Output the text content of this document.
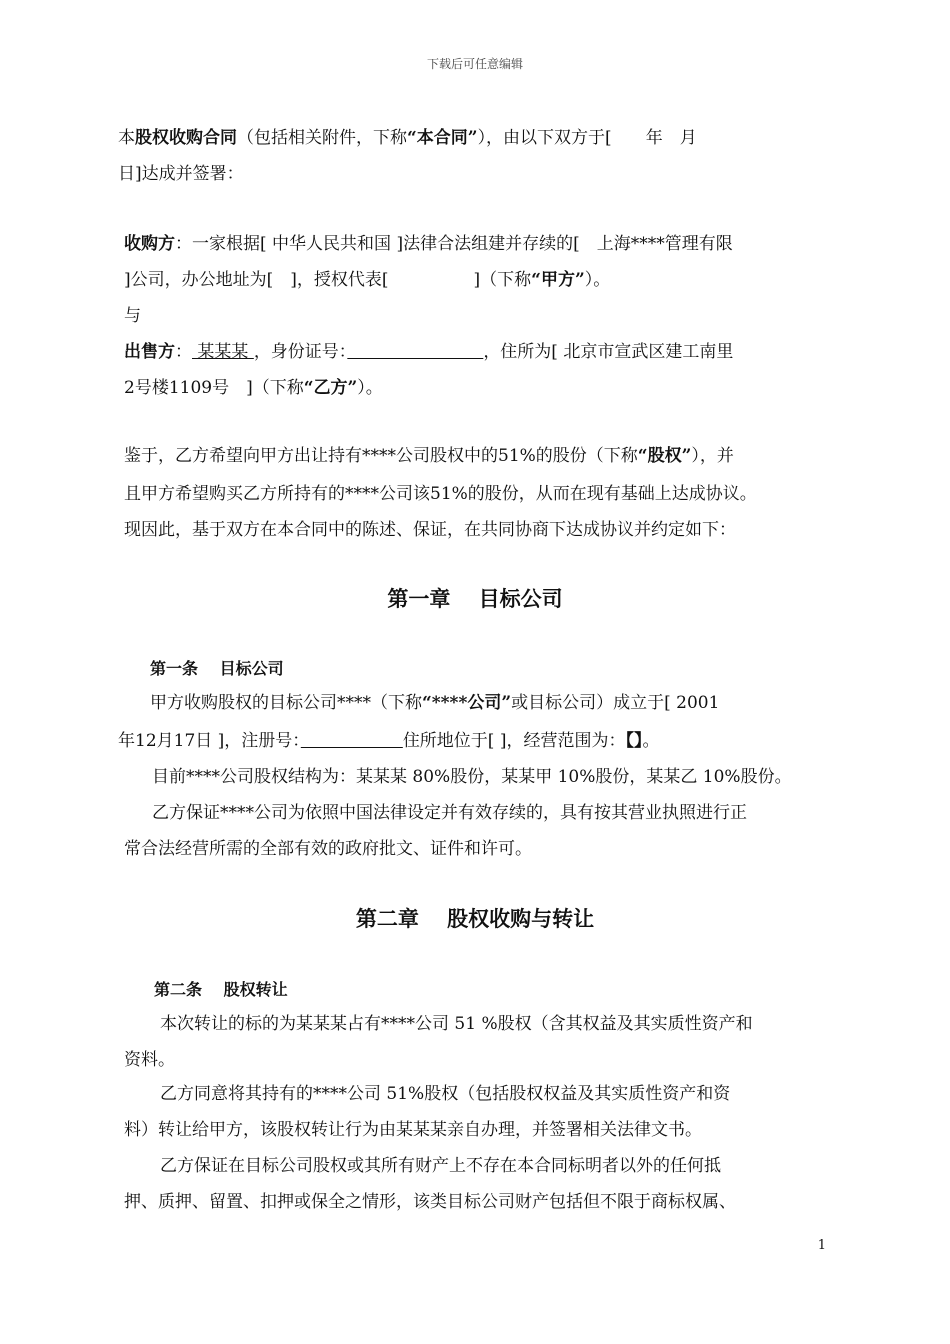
下载后可任意编辑
本股权收购合同（包括相关附件，下称“本合同”），由以下双方于[　　年　月
日]达成并签署：
收购方：一家根据[ 中华人民共和国 ]法律合法组建并存续的[　上海****管理有限
]公司，办公地址为[　]，授权代表[　　　　　]（下称“甲方”）。
与
出售方： 某某某 ，身份证号：　　　　　　　　	，住所为[ 北京市宣武区建工南里
2号楼1109号　]（下称“乙方”）。
鉴于，乙方希望向甲方出让持有****公司股权中的51%的股份（下称“股权”），并
且甲方希望购买乙方所持有的****公司该51%的股份，从而在现有基础上达成协议。
现因此，基于双方在本合同中的陈述、保证，在共同协商下达成协议并约定如下：
第一章　 目标公司
第一条　 目标公司
甲方收购股权的目标公司****（下称“****公司”或目标公司）成立于[ 2001
年12月17日 ]，注册号：　　　　　　	住所地位于[ ]，经营范围为：【】。
目前****公司股权结构为：某某某 80%股份，某某甲 10%股份，某某乙 10%股份。
乙方保证****公司为依照中国法律设定并有效存续的，具有按其营业执照进行正
常合法经营所需的全部有效的政府批文、证件和许可。
第二章　 股权收购与转让
第二条　 股权转让
本次转让的标的为某某某占有****公司 51 %股权（含其权益及其实质性资产和
资料。
乙方同意将其持有的****公司 51%股权（包括股权权益及其实质性资产和资
料）转让给甲方，该股权转让行为由某某某亲自办理，并签署相关法律文书。
乙方保证在目标公司股权或其所有财产上不存在本合同标明者以外的任何抵
押、质押、留置、扣押或保全之情形，该类目标公司财产包括但不限于商标权属、
1
